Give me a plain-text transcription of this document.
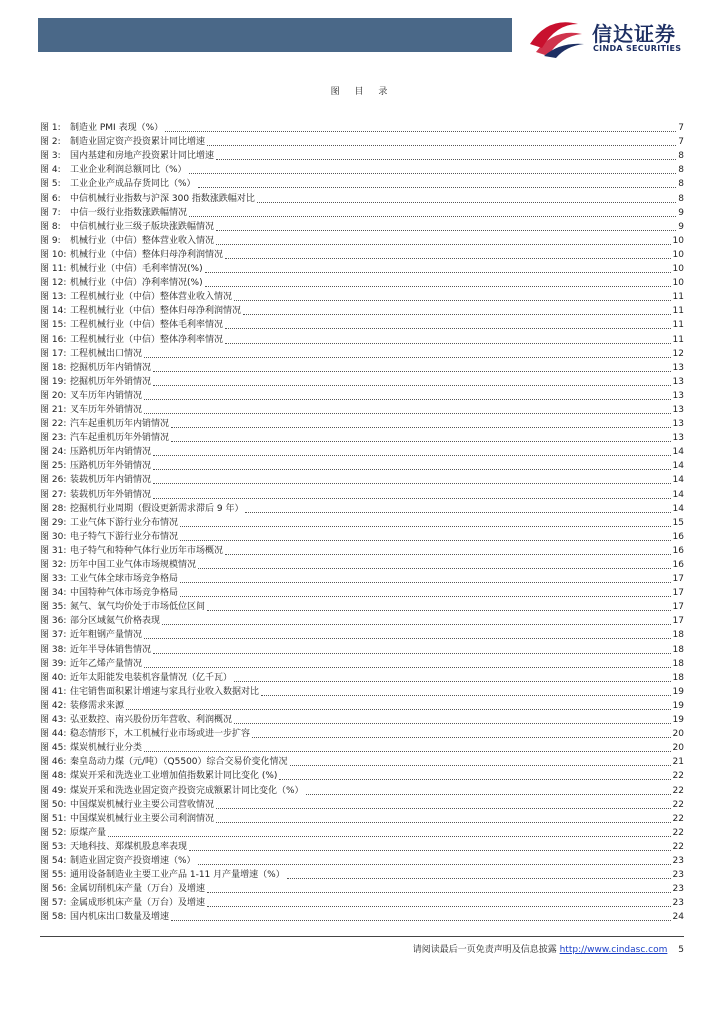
信达证券
CINDA SECURITIES
图 目 录
图 1:	制造业 PMI 表现（%）	7
图 2:	制造业固定资产投资累计同比增速	7
图 3:	国内基建和房地产投资累计同比增速	8
图 4:	工业企业利润总额同比（%）	8
图 5:	工业企业产成品存货同比（%）	8
图 6:	中信机械行业指数与沪深 300 指数涨跌幅对比	8
图 7:	中信一级行业指数涨跌幅情况	9
图 8:	中信机械行业三级子版块涨跌幅情况	9
图 9:	机械行业（中信）整体营业收入情况	10
图 10: 机械行业（中信）整体归母净利润情况	10
图 11: 机械行业（中信）毛利率情况(%)	10
图 12: 机械行业（中信）净利率情况(%)	10
图 13: 工程机械行业（中信）整体营业收入情况	11
图 14: 工程机械行业（中信）整体归母净利润情况	11
图 15: 工程机械行业（中信）整体毛利率情况	11
图 16: 工程机械行业（中信）整体净利率情况	11
图 17: 工程机械出口情况	12
图 18: 挖掘机历年内销情况	13
图 19: 挖掘机历年外销情况	13
图 20: 叉车历年内销情况	13
图 21: 叉车历年外销情况	13
图 22: 汽车起重机历年内销情况	13
图 23: 汽车起重机历年外销情况	13
图 24: 压路机历年内销情况	14
图 25: 压路机历年外销情况	14
图 26: 装载机历年内销情况	14
图 27: 装载机历年外销情况	14
图 28: 挖掘机行业周期（假设更新需求滞后 9 年）	14
图 29: 工业气体下游行业分布情况	15
图 30: 电子特气下游行业分布情况	16
图 31: 电子特气和特种气体行业历年市场概况	16
图 32: 历年中国工业气体市场规模情况	16
图 33: 工业气体全球市场竞争格局	17
图 34: 中国特种气体市场竞争格局	17
图 35: 氮气、氧气均价处于市场低位区间	17
图 36: 部分区域氦气价格表现	17
图 37: 近年粗钢产量情况	18
图 38: 近年半导体销售情况	18
图 39: 近年乙烯产量情况	18
图 40: 近年太阳能发电装机容量情况（亿千瓦）	18
图 41: 住宅销售面积累计增速与家具行业收入数据对比	19
图 42: 装修需求来源	19
图 43: 弘亚数控、南兴股份历年营收、利润概况	19
图 44: 稳态情形下，木工机械行业市场或进一步扩容	20
图 45: 煤炭机械行业分类	20
图 46: 秦皇岛动力煤（元/吨）（Q5500）综合交易价变化情况	21
图 48: 煤炭开采和洗选业工业增加值指数累计同比变化 (%)	22
图 49: 煤炭开采和洗选业固定资产投资完成额累计同比变化（%）	22
图 50: 中国煤炭机械行业主要公司营收情况	22
图 51: 中国煤炭机械行业主要公司利润情况	22
图 52: 原煤产量	22
图 53: 天地科技、郑煤机股息率表现	22
图 54: 制造业固定资产投资增速（%）	23
图 55: 通用设备制造业主要工业产品 1-11 月产量增速（%）	23
图 56: 金属切削机床产量（万台）及增速	23
图 57: 金属成形机床产量（万台）及增速	23
图 58: 国内机床出口数量及增速	24
请阅读最后一页免责声明及信息披露 http://www.cindasc.com 5
